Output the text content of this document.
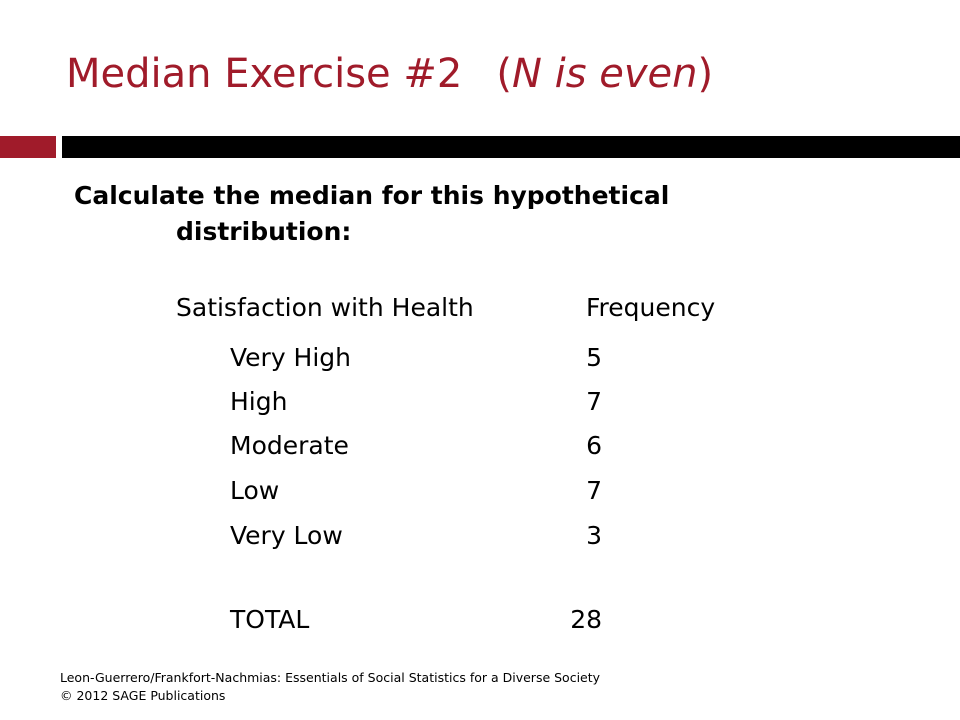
Median Exercise #2 (N is even)
Calculate the median for this hypothetical
distribution:
Satisfaction with Health	Frequency
Very High	5
High	7
Moderate	6
Low	7
Very Low	3
TOTAL	28
Leon-Guerrero/Frankfort-Nachmias: Essentials of Social Statistics for a Diverse Society
© 2012 SAGE Publications
